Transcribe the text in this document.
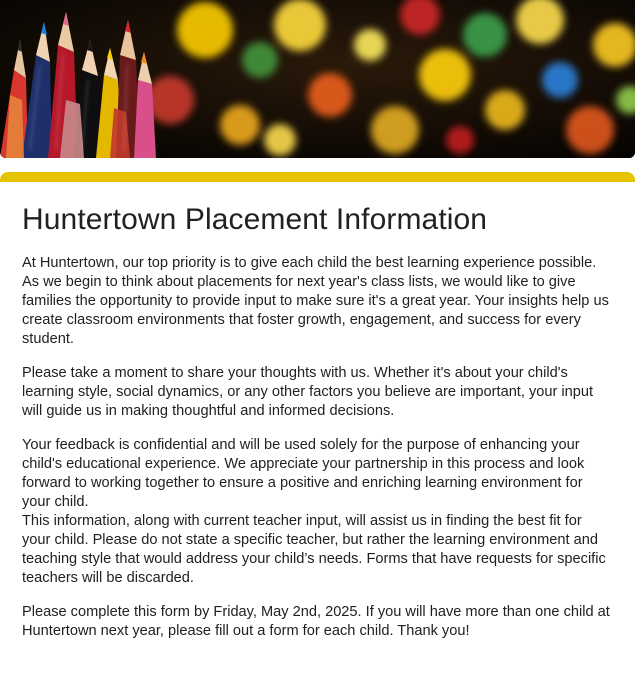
Huntertown Placement Information

At Huntertown, our top priority is to give each child the best learning experience possible. As we begin to think about placements for next year's class lists, we would like to give families the opportunity to provide input to make sure it's a great year. Your insights help us create classroom environments that foster growth, engagement, and success for every student.

Please take a moment to share your thoughts with us. Whether it's about your child's learning style, social dynamics, or any other factors you believe are important, your input will guide us in making thoughtful and informed decisions.

Your feedback is confidential and will be used solely for the purpose of enhancing your child's educational experience. We appreciate your partnership in this process and look forward to working together to ensure a positive and enriching learning environment for your child.

This information, along with current teacher input, will assist us in finding the best fit for your child. Please do not state a specific teacher, but rather the learning environment and teaching style that would address your child’s needs. Forms that have requests for specific teachers will be discarded.

Please complete this form by Friday, May 2nd, 2025. If you will have more than one child at Huntertown next year, please fill out a form for each child. Thank you!
